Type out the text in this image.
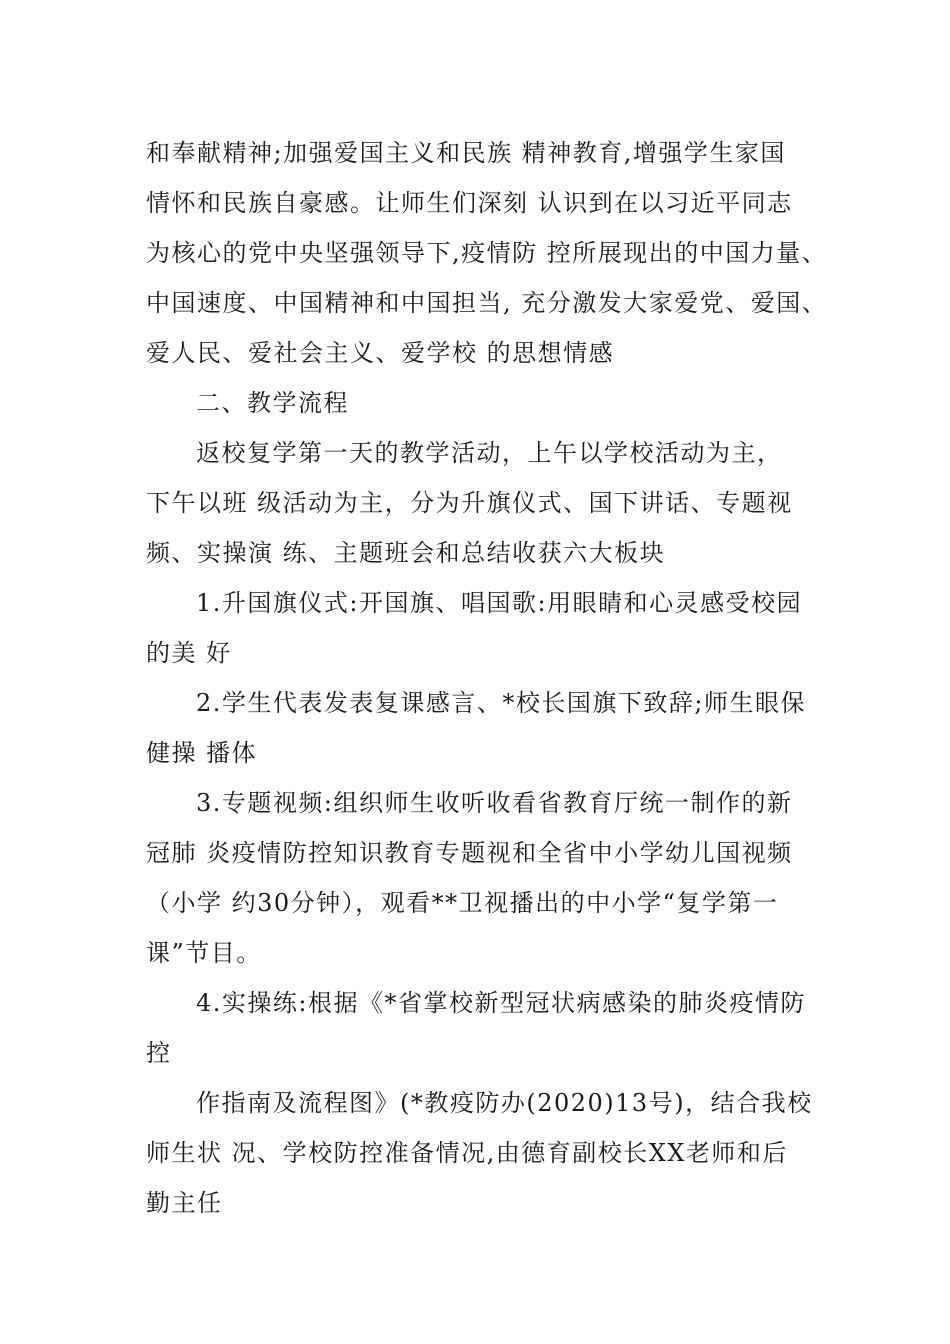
和奉献精神;加强爱国主义和民族 精神教育,增强学生家国
情怀和民族自豪感。让师生们深刻 认识到在以习近平同志
为核心的党中央坚强领导下,疫情防 控所展现出的中国力量、
中国速度、中国精神和中国担当, 充分激发大家爱党、爱国、
爱人民、爱社会主义、爱学校 的思想情感
二、教学流程
返校复学第一天的教学活动，上午以学校活动为主，
下午以班 级活动为主，分为升旗仪式、国下讲话、专题视
频、实操演 练、主题班会和总结收获六大板块
1.升国旗仪式:开国旗、唱国歌:用眼睛和心灵感受校园
的美 好
2.学生代表发表复课感言、*校长国旗下致辞;师生眼保
健操 播体
3.专题视频:组织师生收听收看省教育厅统一制作的新
冠肺 炎疫情防控知识教育专题视和全省中小学幼儿国视频
（小学 约30分钟），观看**卫视播出的中小学“复学第一
课”节目。
4.实操练:根据《*省掌校新型冠状病感染的肺炎疫情防
控
作指南及流程图》(*教疫防办(2020)13号)，结合我校
师生状 况、学校防控准备情况,由德育副校长XX老师和后
勤主任
